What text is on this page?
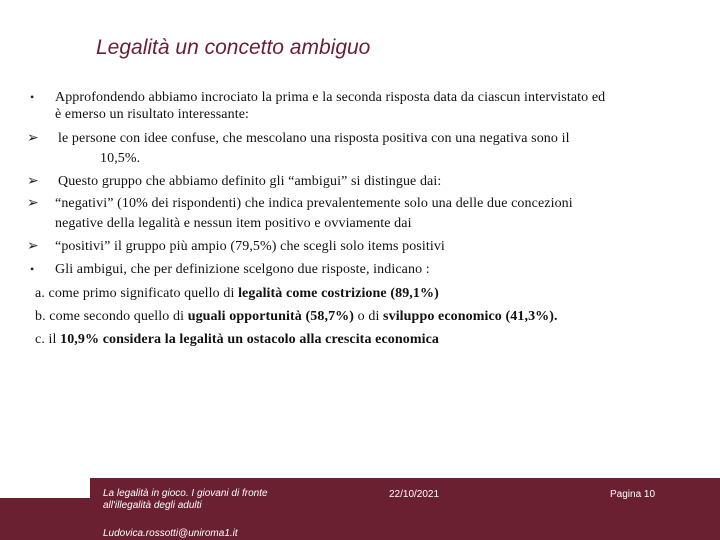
Legalità un concetto ambiguo
• Approfondendo abbiamo incrociato la prima e la seconda risposta data da ciascun intervistato ed
è emerso un risultato interessante:
➢ le persone con idee confuse, che mescolano una risposta positiva con una negativa sono il
10,5%.
➢ Questo gruppo che abbiamo definito gli “ambigui” si distingue dai:
➢ “negativi” (10% dei rispondenti) che indica prevalentemente solo una delle due concezioni
negative della legalità e nessun item positivo e ovviamente dai
➢ “positivi” il gruppo più ampio (79,5%) che scegli solo items positivi
• Gli ambigui, che per definizione scelgono due risposte, indicano :
a. come primo significato quello di legalità come costrizione (89,1%)
b. come secondo quello di uguali opportunità (58,7%) o di sviluppo economico (41,3%).
c. il 10,9% considera la legalità un ostacolo alla crescita economica
La legalità in gioco. I giovani di fronte
all'illegalità degli adulti
Ludovica.rossotti@uniroma1.it
22/10/2021	Pagina 10
